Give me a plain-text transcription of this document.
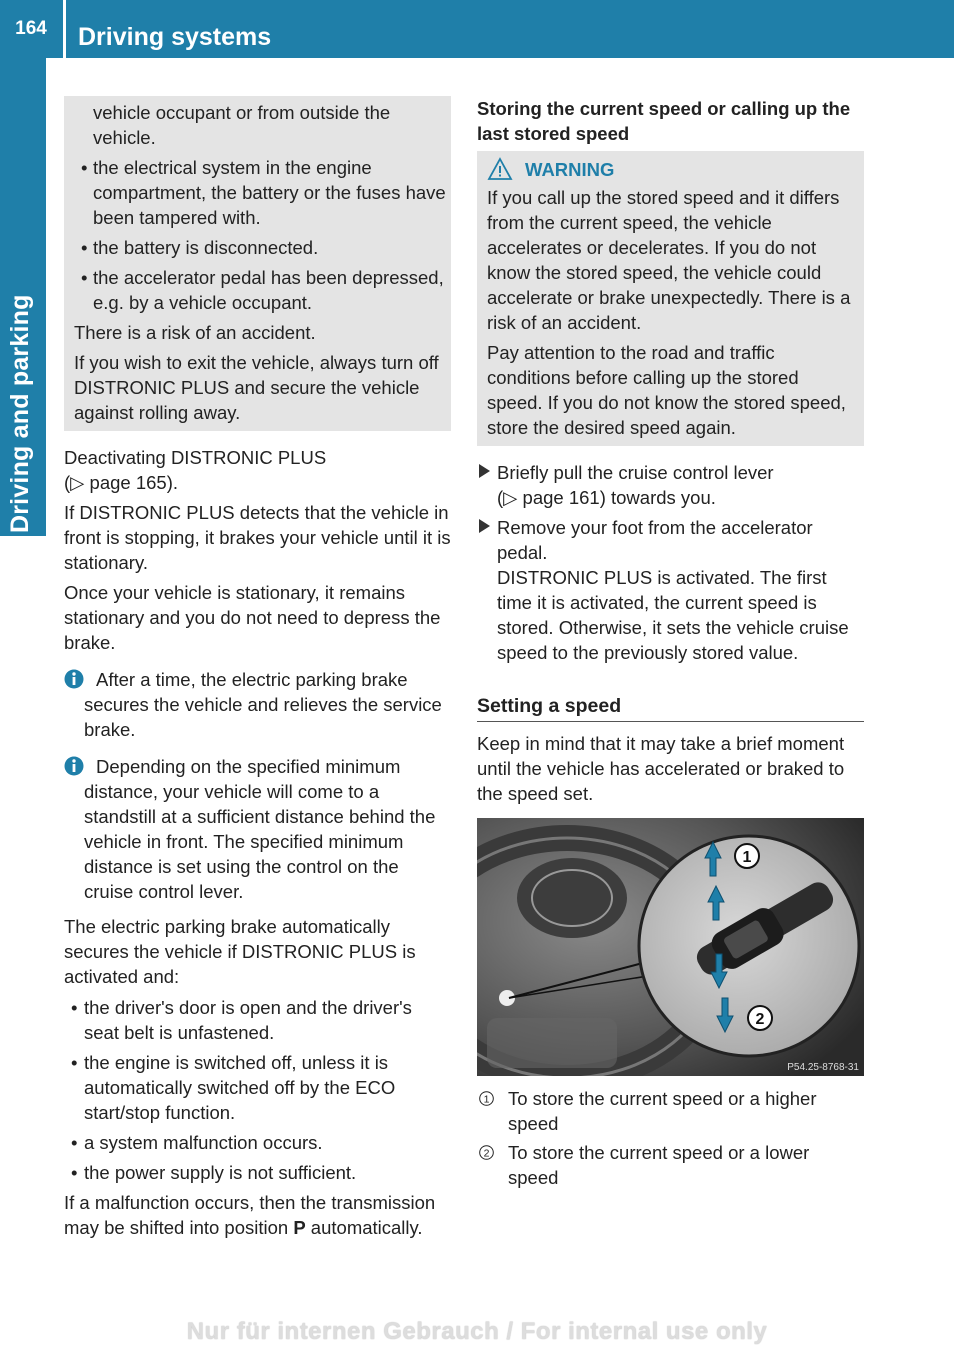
164	Driving systems
Driving and parking

vehicle occupant or from outside the vehicle.

• the electrical system in the engine compartment, the battery or the fuses have been tampered with.

• the battery is disconnected.

• the accelerator pedal has been depressed, e.g. by a vehicle occupant.

There is a risk of an accident.

If you wish to exit the vehicle, always turn off DISTRONIC PLUS and secure the vehicle against rolling away.

Deactivating DISTRONIC PLUS

(▷ page 165).

If DISTRONIC PLUS detects that the vehicle in front is stopping, it brakes your vehicle until it is stationary.

Once your vehicle is stationary, it remains stationary and you do not need to depress the brake.

After a time, the electric parking brake secures the vehicle and relieves the service brake.

Depending on the specified minimum distance, your vehicle will come to a standstill at a sufficient distance behind the vehicle in front. The specified minimum distance is set using the control on the cruise control lever.

The electric parking brake automatically secures the vehicle if DISTRONIC PLUS is activated and:

• the driver's door is open and the driver's seat belt is unfastened.

• the engine is switched off, unless it is automatically switched off by the ECO start/stop function.

• a system malfunction occurs.

• the power supply is not sufficient.

If a malfunction occurs, then the transmission may be shifted into position P automatically.

Storing the current speed or calling up the last stored speed
WARNING

If you call up the stored speed and it differs from the current speed, the vehicle accelerates or decelerates. If you do not know the stored speed, the vehicle could accelerate or brake unexpectedly. There is a risk of an accident.

Pay attention to the road and traffic conditions before calling up the stored speed. If you do not know the stored speed, store the desired speed again.

Briefly pull the cruise control lever

(▷ page 161) towards you.

Remove your foot from the accelerator pedal.

DISTRONIC PLUS is activated. The first time it is activated, the current speed is stored. Otherwise, it sets the vehicle cruise speed to the previously stored value.

Setting a speed

Keep in mind that it may take a brief moment until the vehicle has accelerated or braked to the speed set.

1
2
P54.25-8768-31
1 To store the current speed or a higher speed

2 To store the current speed or a lower speed

Nur für internen Gebrauch / For internal use only
